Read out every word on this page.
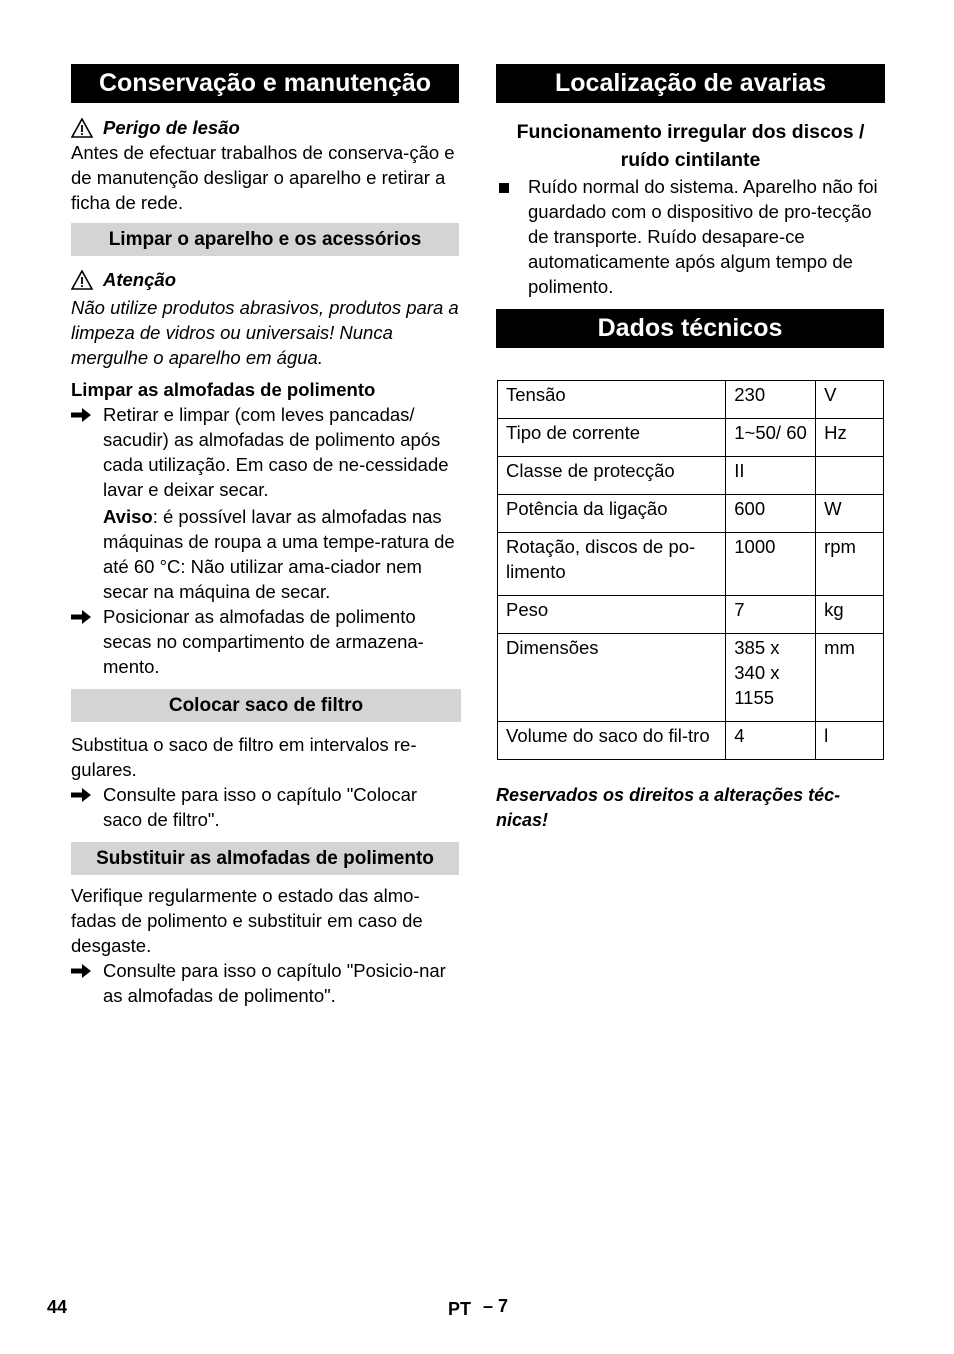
Conservação e manutenção
Perigo de lesão

Antes de efectuar trabalhos de conserva-ção e de manutenção desligar o aparelho e retirar a ficha de rede.

Limpar o aparelho e os acessórios
Atenção

Não utilize produtos abrasivos, produtos para a limpeza de vidros ou universais! Nunca mergulhe o aparelho em água.

Limpar as almofadas de polimento
Retirar e limpar (com leves pancadas/ sacudir) as almofadas de polimento após cada utilização. Em caso de ne-cessidade lavar e deixar secar.

Aviso: é possível lavar as almofadas nas máquinas de roupa a uma tempe-ratura de até 60 °C: Não utilizar ama-ciador nem secar na máquina de secar.

Posicionar as almofadas de polimento secas no compartimento de armazena-mento.
Colocar saco de filtro

Substitua o saco de filtro em intervalos re-gulares.

Consulte para isso o capítulo "Colocar saco de filtro".
Substituir as almofadas de polimento

Verifique regularmente o estado das almo-fadas de polimento e substituir em caso de desgaste.

Consulte para isso o capítulo "Posicio-nar as almofadas de polimento".
Localização de avarias
Funcionamento irregular dos discos / ruído cintilante
Ruído normal do sistema. Aparelho não foi guardado com o dispositivo de pro-tecção de transporte. Ruído desapare-ce automaticamente após algum tempo de polimento.
Dados técnicos
Tensão	230	V
Tipo de corrente	1~50/ 60	Hz
Classe de protecção	II	
Potência da ligação	600	W
Rotação, discos de po-limento	1000	rpm
Peso	7	kg
Dimensões	385 x 340 x 1155	mm
Volume do saco do fil-tro	4	l
Reservados os direitos a alterações téc-nicas!
44	PT – 7
